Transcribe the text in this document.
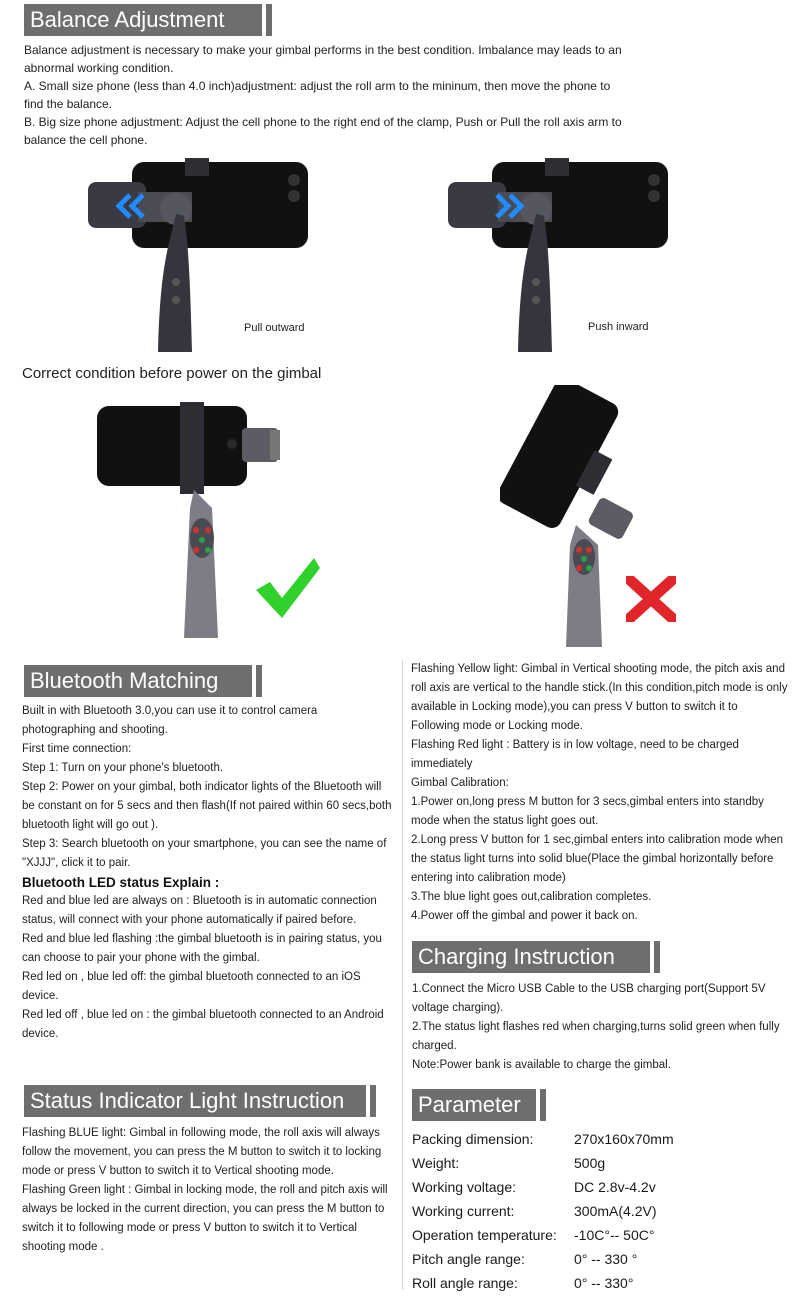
Balance Adjustment

Balance adjustment is necessary to make your gimbal performs in the best condition. Imbalance may leads to an abnormal working condition.

A. Small size phone (less than 4.0 inch)adjustment: adjust the roll arm to the mininum, then move the phone to find the balance.

B. Big size phone adjustment: Adjust the cell phone to the right end of the clamp, Push or Pull the roll axis arm to balance the cell phone.

Pull outward	Push inward
Correct condition before power on the gimbal
Bluetooth Matching

Built in with Bluetooth 3.0,you can use it to control camera photographing and shooting.

First time connection:

Step 1: Turn on your phone's bluetooth.

Step 2: Power on your gimbal, both indicator lights of the Bluetooth will be constant on for 5 secs and then flash(If not paired within 60 secs,both bluetooth light will go out ).

Step 3: Search bluetooth on your smartphone, you can see the name of "XJJJ", click it to pair.

Bluetooth LED status Explain :

Red and blue led are always on : Bluetooth is in automatic connection status, will connect with your phone automatically if paired before.

Red and blue led flashing :the gimbal bluetooth is in pairing status, you can choose to pair your phone with the gimbal.

Red led on , blue led off: the gimbal bluetooth connected to an iOS device.

Red led off , blue led on : the gimbal bluetooth connected to an Android device.

Status Indicator Light Instruction

Flashing BLUE light: Gimbal in following mode, the roll axis will always follow the movement, you can press the M button to switch it to locking mode or press V button to switch it to Vertical shooting mode.

Flashing Green light : Gimbal in locking mode, the roll and pitch axis will always be locked in the current direction, you can press the M button to switch it to following mode or press V button to switch it to Vertical shooting mode .

Flashing Yellow light: Gimbal in Vertical shooting mode, the pitch axis and roll axis are vertical to the handle stick.(In this condition,pitch mode is only available in Locking mode),you can press V button to switch it to Following mode or Locking mode.

Flashing Red light : Battery is in low voltage, need to be charged immediately

Gimbal Calibration:

1.Power on,long press M button for 3 secs,gimbal enters into standby mode when the status light goes out.

2.Long press V button for 1 sec,gimbal enters into calibration mode when the status light turns into solid blue(Place the gimbal horizontally before entering into calibration mode)

3.The blue light goes out,calibration completes.

4.Power off the gimbal and power it back on.

Charging Instruction

1.Connect the Micro USB Cable to the USB charging port(Support 5V voltage charging).

2.The status light flashes red when charging,turns solid green when fully charged.

Note:Power bank is available to charge the gimbal.

Parameter
Packing dimension:	270x160x70mm
Weight:	500g
Working voltage:	DC 2.8v-4.2v
Working current:	300mA(4.2V)
Operation temperature:	-10C°-- 50C°
Pitch angle range:	0° -- 330 °
Roll angle range:	0° -- 330°
